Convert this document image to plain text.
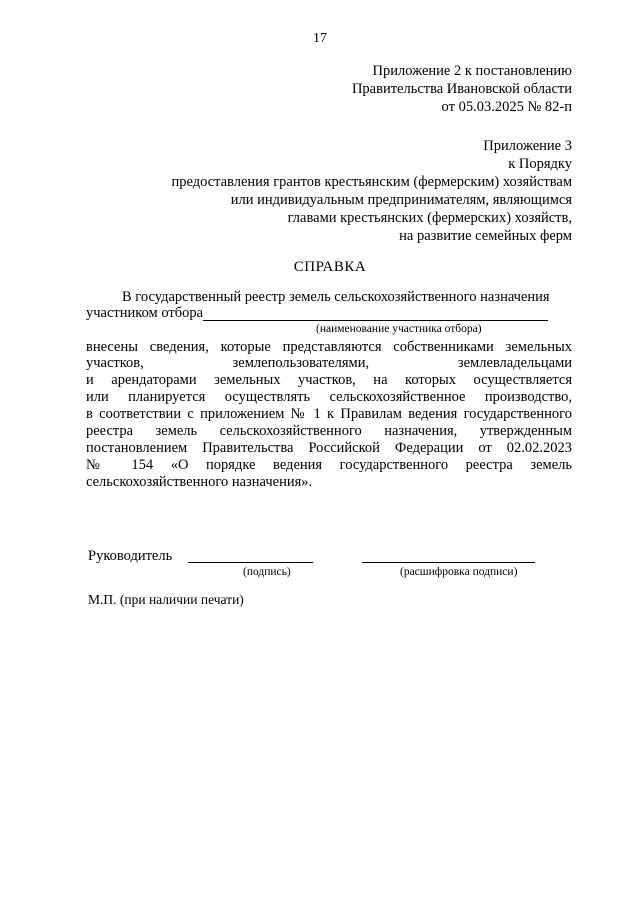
17
Приложение 2 к постановлению
Правительства Ивановской области
от 05.03.2025 № 82-п
Приложение 3
к Порядку
предоставления грантов крестьянским (фермерским) хозяйствам
или индивидуальным предпринимателям, являющимся
главами крестьянских (фермерских) хозяйств,
на развитие семейных ферм
СПРАВКА
В государственный реестр земель сельскохозяйственного назначения
участником отбора
(наименование участника отбора)
внесены сведения, которые представляются собственниками земельных
участков, землепользователями, землевладельцами
и арендаторами земельных участков, на которых осуществляется
или планируется осуществлять сельскохозяйственное производство,
в соответствии с приложением № 1 к Правилам ведения государственного
реестра земель сельскохозяйственного назначения, утвержденным
постановлением Правительства Российской Федерации от 02.02.2023
№ 154 «О порядке ведения государственного реестра земель
сельскохозяйственного назначения».
Руководитель
(подпись)	(расшифровка подписи)
М.П. (при наличии печати)
